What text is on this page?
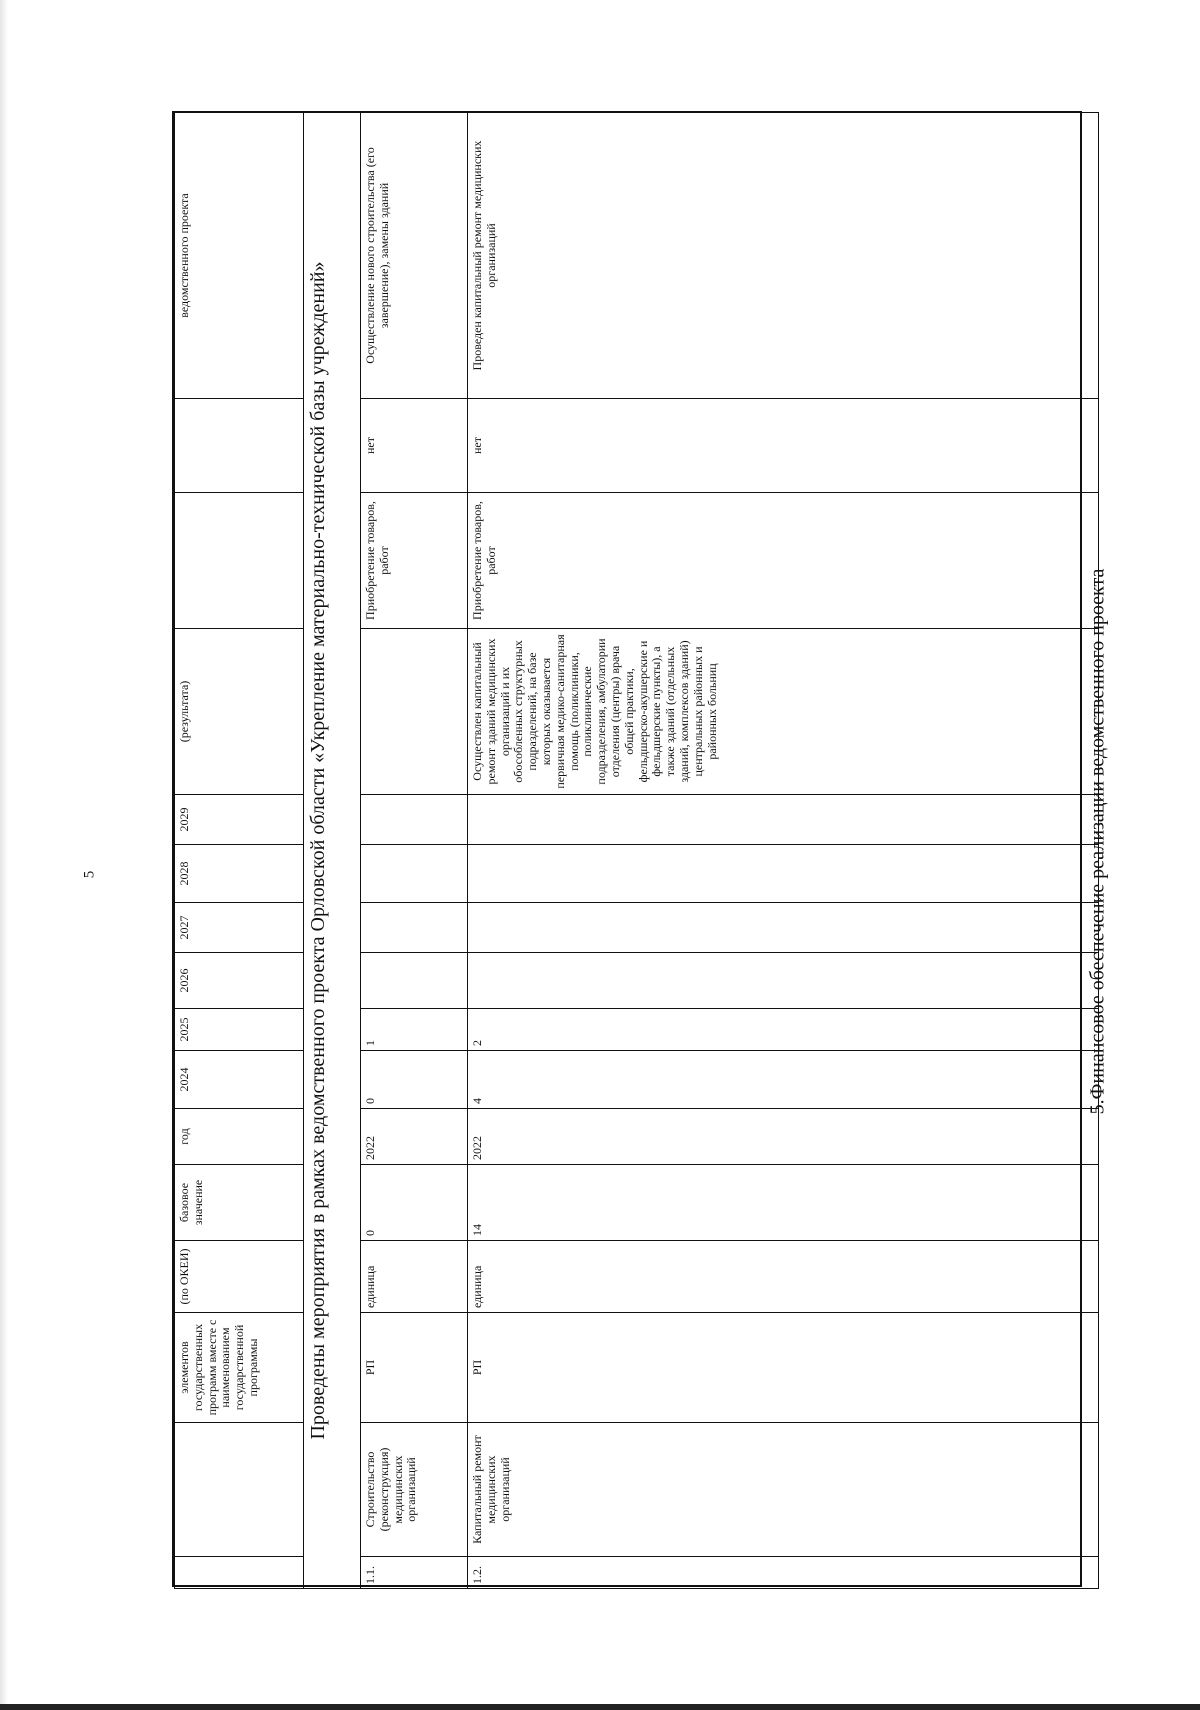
5
		элементов государственных программ вместе с наименованием государственной программы	(по ОКЕИ)	базовое значение	год	2024	2025	2026	2027	2028	2029	(результата)			ведомственного проекта
Проведены мероприятия в рамках ведомственного проекта Орловской области «Укрепление материально-технической базы учреждений»															
1.1.	Строительство (реконструкция) медицинских организаций	РП	единица	0	2022	0	1						Приобретение товаров, работ	нет	Осуществление нового строительства (его завершение), замены зданий
1.2.	Капитальный ремонт медицинских организаций	РП	единица	14	2022	4	2					Осуществлен капитальный ремонт зданий медицинских организаций и их обособленных структурных подразделений, на базе которых оказывается первичная медико-санитарная помощь (поликлиники, поликлинические подразделения, амбулатории отделения (центры) врача общей практики, фельдшерско-акушерские и фельдшерские пункты), а также зданий (отдельных зданий, комплексов зданий) центральных районных и районных больниц	Приобретение товаров, работ	нет	Проведен капитальный ремонт медицинских организаций
5.Финансовое обеспечение реализации ведомственного проекта
